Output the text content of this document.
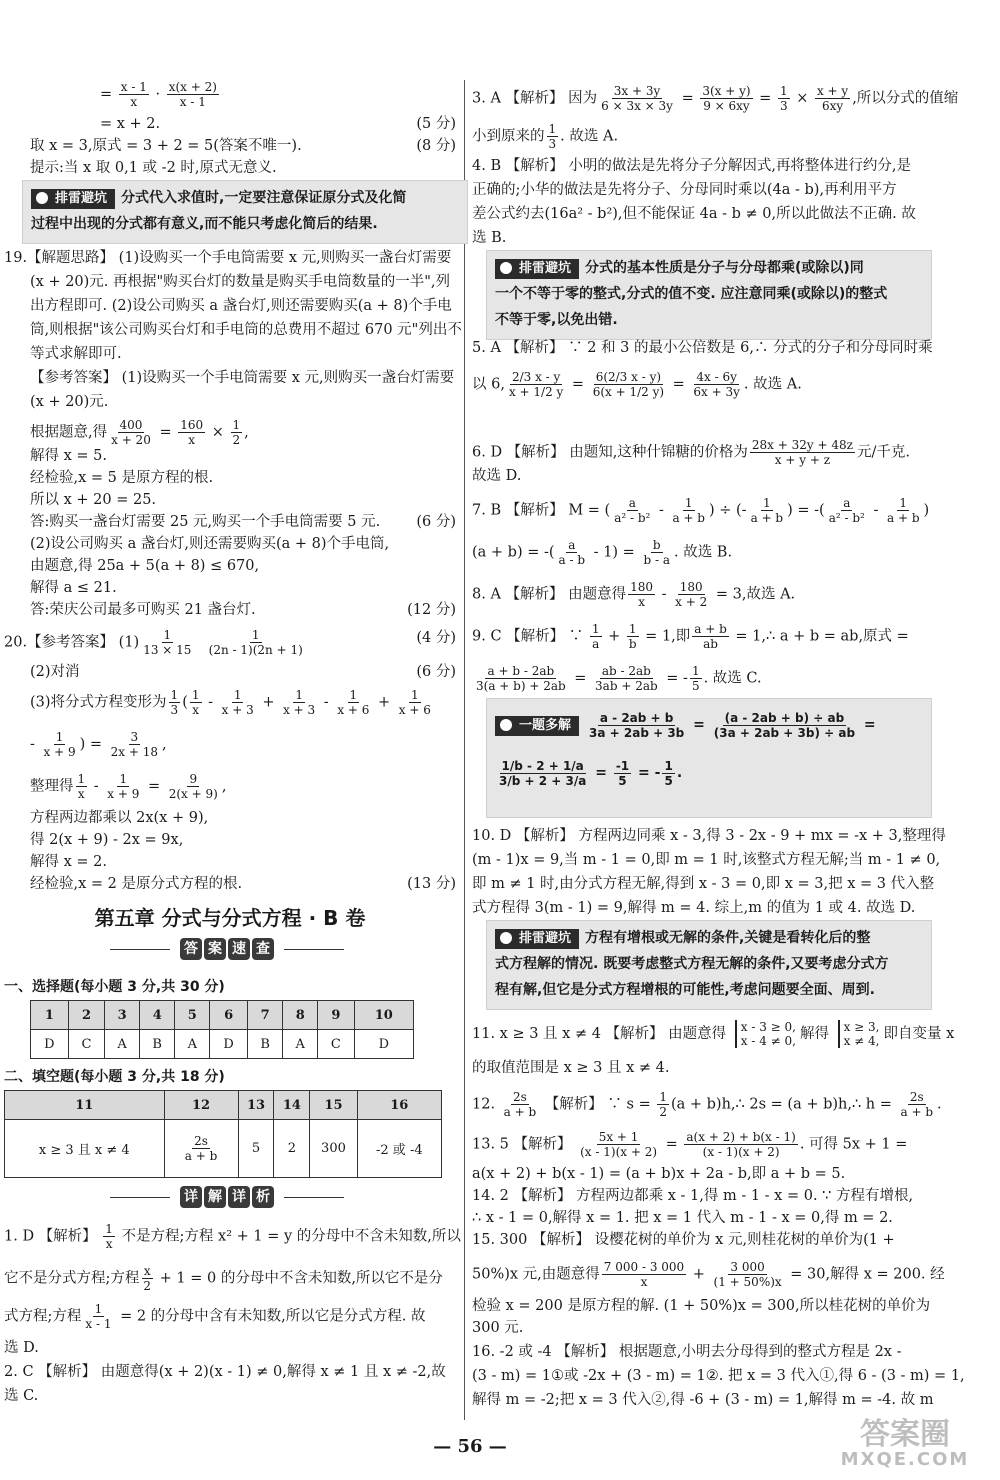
= $\frac{x - 1}{x} \cdot \frac{x(x + 2)}{x - 1}$
= x + 2.	(5 分)
取 x = 3,原式 = 3 + 2 = 5(答案不唯一).	(8 分)
提示:当 x 取 0,1 或 -2 时,原式无意义.
排雷避坑 分式代入求值时,一定要注意保证原分式及化简
过程中出现的分式都有意义,而不能只考虑化简后的结果.
19.【解题思路】 (1)设购买一个手电筒需要 x 元,则购买一盏台灯需要
(x + 20)元. 再根据"购买台灯的数量是购买手电筒数量的一半",列
出方程即可. (2)设公司购买 a 盏台灯,则还需要购买(a + 8)个手电
筒,则根据"该公司购买台灯和手电筒的总费用不超过 670 元"列出不
等式求解即可.
【参考答案】 (1)设购买一个手电筒需要 x 元,则购买一盏台灯需要
(x + 20)元.
根据题意,得 $\frac{400}{x + 20} = \frac{160}{x} \times \frac{1}{2}$ ,
解得 x = 5.
经检验,x = 5 是原方程的根.
所以 x + 20 = 25.
答:购买一盏台灯需要 25 元,购买一个手电筒需要 5 元. (6 分)
(2)设公司购买 a 盏台灯,则还需要购买(a + 8)个手电筒,
由题意,得 25a + 5(a + 8) ≤ 670,
解得 a ≤ 21.
答:荣庆公司最多可购买 21 盏台灯.	(12 分)
20.【参考答案】 $(1) \frac{1}{13 \times 15}$
$\frac{1}{(2n - 1)(2n + 1)}$	(4 分)
(2)对消	(6 分)
(3)将分式方程变形为 $\frac{1}{3}$ ( $\frac{1}{x} - \frac{1}{x + 3} + \frac{1}{x + 3} - \frac{1}{x + 6} + \frac{1}{x + 6}$
- $\frac{1}{x + 9}$ ) = $\frac{3}{2x + 18}$ ,
整理得 $\frac{1}{x} - \frac{1}{x + 9} = \frac{9}{2(x + 9)}$ ,
方程两边都乘以 2x(x + 9),
得 2(x + 9) - 2x = 9x,
解得 x = 2.
经检验,x = 2 是原分式方程的根.	(13 分)
第五章 分式与分式方程 · B 卷
答 案 速 查
一、选择题(每小题 3 分,共 30 分)
1	2	3	4	5	6	7	8	9	10
D	C	A	B	A	D	B	A	C	D
二、填空题(每小题 3 分,共 18 分)
11	12	13	14	15	16
x ≥ 3 且 x ≠ 4	$\frac{2s}{a + b}$	5	2	300	-2 或 -4
详 解 详 析
1. D 【解析】 $\frac{1}{x}$ 不是方程;方程 x² + 1 = y 的分母中不含未知数,所以
它不是分式方程;方程 $\frac{x}{2} + 1 = 0$ 的分母中不含未知数,所以它不是分
式方程;方程 $\frac{1}{x - 1} = 2$ 的分母中含有未知数,所以它是分式方程. 故
选 D.
2. C 【解析】 由题意得(x + 2)(x - 1) ≠ 0,解得 x ≠ 1 且 x ≠ -2,故
选 C.
3. A 【解析】 因为 $\frac{3x + 3y}{6 \times 3x \times 3y} = \frac{3(x + y)}{9 \times 6xy} = \frac{1}{3} \times \frac{x + y}{6xy}$ ,所以分式的值缩
小到原来的 $\frac{1}{3}$ . 故选 A.
4. B 【解析】 小明的做法是先将分子分解因式,再将整体进行约分,是
正确的;小华的做法是先将分子、分母同时乘以(4a - b),再利用平方
差公式约去(16a² - b²),但不能保证 4a - b ≠ 0,所以此做法不正确. 故
选 B.
排雷避坑 分式的基本性质是分子与分母都乘(或除以)同
一个不等于零的整式,分式的值不变. 应注意同乘(或除以)的整式
不等于零,以免出错.
5. A 【解析】 ∵ 2 和 3 的最小公倍数是 6,∴ 分式的分子和分母同时乘
以 6, $\frac{2/3 x - y}{x + 1/2 y} = \frac{6(2/3 x - y)}{6(x + 1/2 y)} = \frac{4x - 6y}{6x + 3y}$ . 故选 A.
6. D 【解析】 由题知,这种什锦糖的价格为 $\frac{28x + 32y + 48z}{x + y + z}$ 元/千克.
故选 D.
7. B 【解析】 M = ( $\frac{a}{\text{a² - b²}} - \frac{1}{a + b}$ ) ÷ (- $\frac{1}{a + b}$ ) = -( $\frac{a}{\text{a² - b²}} - \frac{1}{a + b}$ )
(a + b) = -( $\frac{a}{a - b} - 1) = \frac{b}{b - a}$ . 故选 B.
8. A 【解析】 由题意得 $\frac{180}{x} - \frac{180}{x + 2} = 3$,故选 A.
9. C 【解析】 ∵ $\frac{1}{a} + \frac{1}{b} = 1$,即 $\frac{a + b}{ab}$ = 1,∴ a + b = ab,原式 =
$\frac{a + b - 2ab}{3(a + b) + 2ab} = \frac{ab - 2ab}{3ab + 2ab}$ = - $\frac{1}{5}$ . 故选 C.
一题多解 $\frac{a - 2ab + b}{3a + 2ab + 3b} = \frac{(a - 2ab + b) \div ab}{(3a + 2ab + 3b) \div ab}$ =
$\frac{1/b - 2 + 1/a}{3/b + 2 + 3/a} = \frac{-1}{5}$ = - $\frac{1}{5}$ .
10. D 【解析】 方程两边同乘 x - 3,得 3 - 2x - 9 + mx = -x + 3,整理得
(m - 1)x = 9,当 m - 1 = 0,即 m = 1 时,该整式方程无解;当 m - 1 ≠ 0,
即 m ≠ 1 时,由分式方程无解,得到 x - 3 = 0,即 x = 3,把 x = 3 代入整
式方程得 3(m - 1) = 9,解得 m = 4. 综上,m 的值为 1 或 4. 故选 D.
排雷避坑 方程有增根或无解的条件,关键是看转化后的整
式方程解的情况. 既要考虑整式方程无解的条件,又要考虑分式方
程有解,但它是分式方程增根的可能性,考虑问题要全面、周到.
11. x ≥ 3 且 x ≠ 4 【解析】 由题意得 x - 3 ≥ 0,
x - 4 ≠ 0, 解得 x ≥ 3,
x ≠ 4, 即自变量 x
的取值范围是 x ≥ 3 且 x ≠ 4.
12. $\frac{2s}{a + b}$ 【解析】 ∵ $s = \frac{1}{2} (a$ + b)h,∴ 2s = (a + b)h,∴ $h = \frac{2s}{a + b}$ .
13. 5 【解析】 $\frac{5x + 1}{(x - 1)(x + 2)} = \frac{a(x + 2) + b(x - 1)}{(x - 1)(x + 2)}$ . 可得 5x + 1 =
a(x + 2) + b(x - 1) = (a + b)x + 2a - b,即 a + b = 5.
14. 2 【解析】 方程两边都乘 x - 1,得 m - 1 - x = 0. ∵ 方程有增根,
∴ x - 1 = 0,解得 x = 1. 把 x = 1 代入 m - 1 - x = 0,得 m = 2.
15. 300 【解析】 设樱花树的单价为 x 元,则桂花树的单价为(1 +
50%)x 元,由题意得 $\frac{7 000 - 3 000}{x} + \frac{3 000}{(1 + 50\%)x} = 30$,解得 x = 200. 经
检验 x = 200 是原方程的解. (1 + 50%)x = 300,所以桂花树的单价为
300 元.
16. -2 或 -4 【解析】 根据题意,小明去分母得到的整式方程是 2x -
(3 - m) = 1①或 -2x + (3 - m) = 1②. 把 x = 3 代入①,得 6 - (3 - m) = 1,
解得 m = -2;把 x = 3 代入②,得 -6 + (3 - m) = 1,解得 m = -4. 故 m
— 56 —	答案圈
MXQE.COM
